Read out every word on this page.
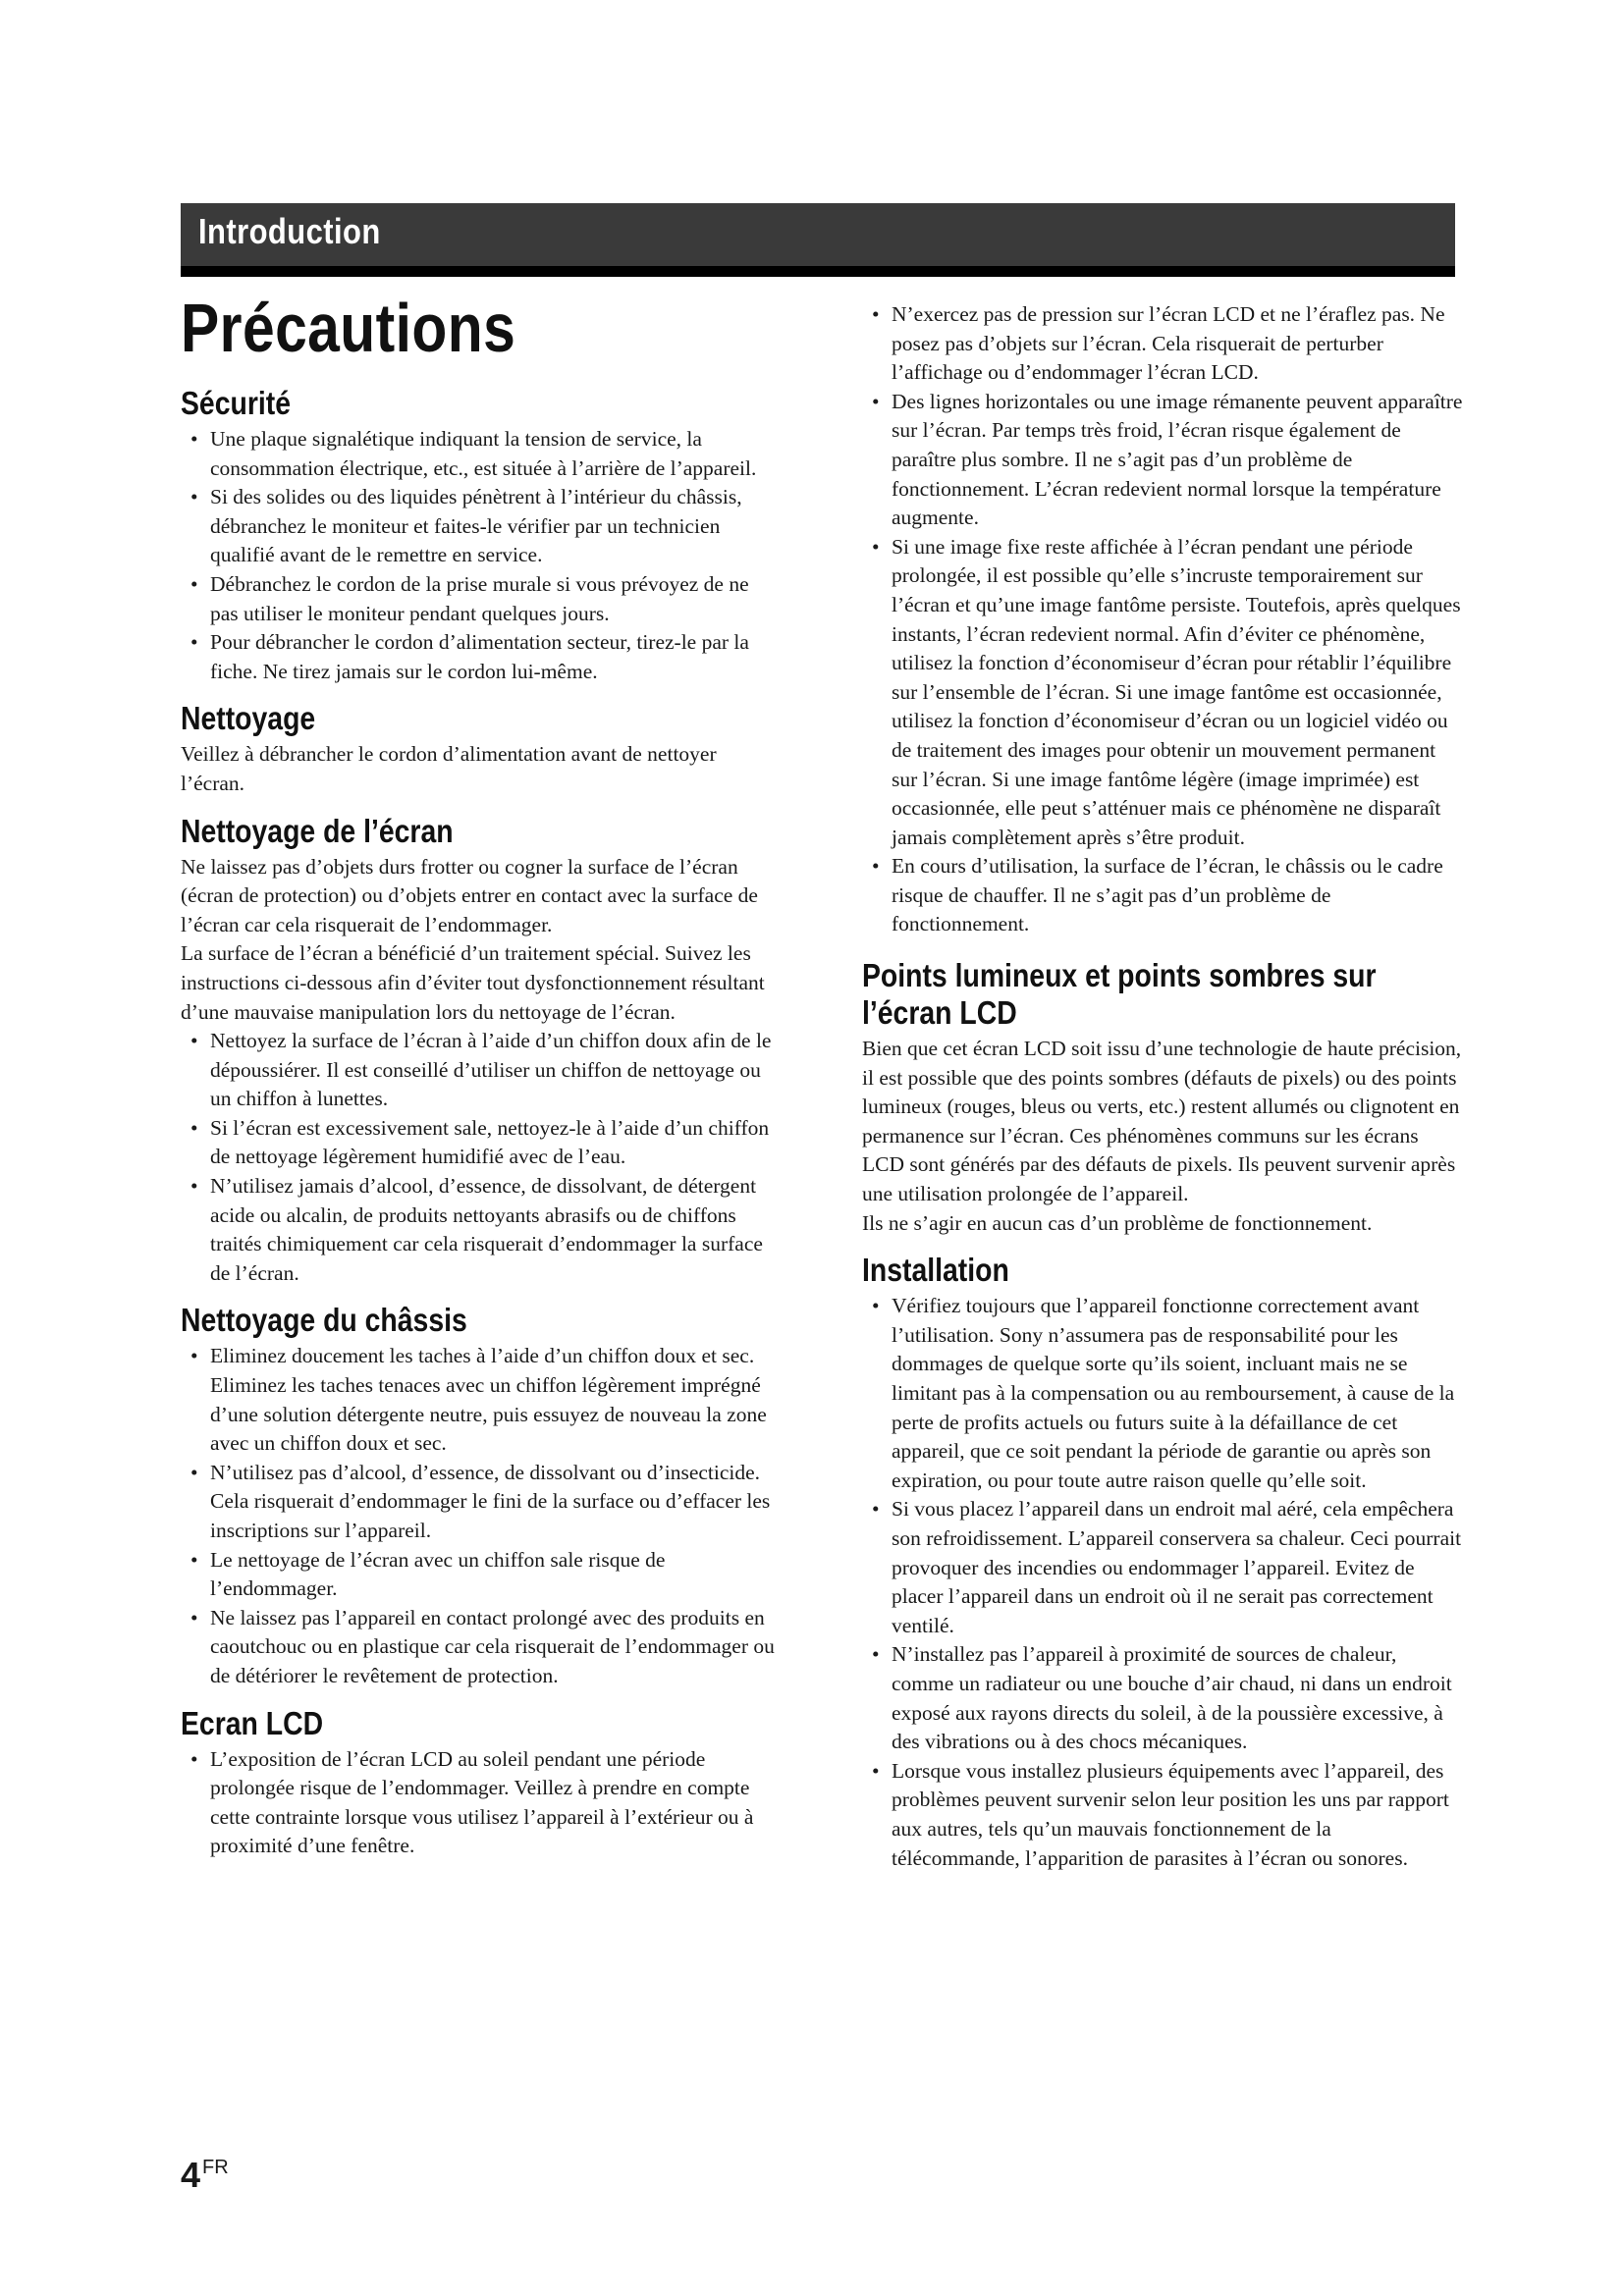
Introduction
Précautions
Sécurité
• Une plaque signalétique indiquant la tension de service, la consommation électrique, etc., est située à l’arrière de l’appareil.
• Si des solides ou des liquides pénètrent à l’intérieur du châssis, débranchez le moniteur et faites-le vérifier par un technicien qualifié avant de le remettre en service.
• Débranchez le cordon de la prise murale si vous prévoyez de ne pas utiliser le moniteur pendant quelques jours.
• Pour débrancher le cordon d’alimentation secteur, tirez-le par la fiche. Ne tirez jamais sur le cordon lui-même.
Nettoyage

Veillez à débrancher le cordon d’alimentation avant de nettoyer l’écran.

Nettoyage de l’écran

Ne laissez pas d’objets durs frotter ou cogner la surface de l’écran (écran de protection) ou d’objets entrer en contact avec la surface de l’écran car cela risquerait de l’endommager.

La surface de l’écran a bénéficié d’un traitement spécial. Suivez les instructions ci-dessous afin d’éviter tout dysfonctionnement résultant d’une mauvaise manipulation lors du nettoyage de l’écran.

• Nettoyez la surface de l’écran à l’aide d’un chiffon doux afin de le dépoussiérer. Il est conseillé d’utiliser un chiffon de nettoyage ou un chiffon à lunettes.
• Si l’écran est excessivement sale, nettoyez-le à l’aide d’un chiffon de nettoyage légèrement humidifié avec de l’eau.
• N’utilisez jamais d’alcool, d’essence, de dissolvant, de détergent acide ou alcalin, de produits nettoyants abrasifs ou de chiffons traités chimiquement car cela risquerait d’endommager la surface de l’écran.
Nettoyage du châssis
• Eliminez doucement les taches à l’aide d’un chiffon doux et sec. Eliminez les taches tenaces avec un chiffon légèrement imprégné d’une solution détergente neutre, puis essuyez de nouveau la zone avec un chiffon doux et sec.
• N’utilisez pas d’alcool, d’essence, de dissolvant ou d’insecticide. Cela risquerait d’endommager le fini de la surface ou d’effacer les inscriptions sur l’appareil.
• Le nettoyage de l’écran avec un chiffon sale risque de l’endommager.
• Ne laissez pas l’appareil en contact prolongé avec des produits en caoutchouc ou en plastique car cela risquerait de l’endommager ou de détériorer le revêtement de protection.
Ecran LCD
• L’exposition de l’écran LCD au soleil pendant une période prolongée risque de l’endommager. Veillez à prendre en compte cette contrainte lorsque vous utilisez l’appareil à l’extérieur ou à proximité d’une fenêtre.
• N’exercez pas de pression sur l’écran LCD et ne l’éraflez pas. Ne posez pas d’objets sur l’écran. Cela risquerait de perturber l’affichage ou d’endommager l’écran LCD.
• Des lignes horizontales ou une image rémanente peuvent apparaître sur l’écran. Par temps très froid, l’écran risque également de paraître plus sombre. Il ne s’agit pas d’un problème de fonctionnement. L’écran redevient normal lorsque la température augmente.
• Si une image fixe reste affichée à l’écran pendant une période prolongée, il est possible qu’elle s’incruste temporairement sur l’écran et qu’une image fantôme persiste. Toutefois, après quelques instants, l’écran redevient normal. Afin d’éviter ce phénomène, utilisez la fonction d’économiseur d’écran pour rétablir l’équilibre sur l’ensemble de l’écran. Si une image fantôme est occasionnée, utilisez la fonction d’économiseur d’écran ou un logiciel vidéo ou de traitement des images pour obtenir un mouvement permanent sur l’écran. Si une image fantôme légère (image imprimée) est occasionnée, elle peut s’atténuer mais ce phénomène ne disparaît jamais complètement après s’être produit.
• En cours d’utilisation, la surface de l’écran, le châssis ou le cadre risque de chauffer. Il ne s’agit pas d’un problème de fonctionnement.
Points lumineux et points sombres sur l’écran LCD

Bien que cet écran LCD soit issu d’une technologie de haute précision, il est possible que des points sombres (défauts de pixels) ou des points lumineux (rouges, bleus ou verts, etc.) restent allumés ou clignotent en permanence sur l’écran. Ces phénomènes communs sur les écrans LCD sont générés par des défauts de pixels. Ils peuvent survenir après une utilisation prolongée de l’appareil.

Ils ne s’agir en aucun cas d’un problème de fonctionnement.

Installation
• Vérifiez toujours que l’appareil fonctionne correctement avant l’utilisation. Sony n’assumera pas de responsabilité pour les dommages de quelque sorte qu’ils soient, incluant mais ne se limitant pas à la compensation ou au remboursement, à cause de la perte de profits actuels ou futurs suite à la défaillance de cet appareil, que ce soit pendant la période de garantie ou après son expiration, ou pour toute autre raison quelle qu’elle soit.
• Si vous placez l’appareil dans un endroit mal aéré, cela empêchera son refroidissement. L’appareil conservera sa chaleur. Ceci pourrait provoquer des incendies ou endommager l’appareil. Evitez de placer l’appareil dans un endroit où il ne serait pas correctement ventilé.
• N’installez pas l’appareil à proximité de sources de chaleur, comme un radiateur ou une bouche d’air chaud, ni dans un endroit exposé aux rayons directs du soleil, à de la poussière excessive, à des vibrations ou à des chocs mécaniques.
• Lorsque vous installez plusieurs équipements avec l’appareil, des problèmes peuvent survenir selon leur position les uns par rapport aux autres, tels qu’un mauvais fonctionnement de la télécommande, l’apparition de parasites à l’écran ou sonores.
4 FR
